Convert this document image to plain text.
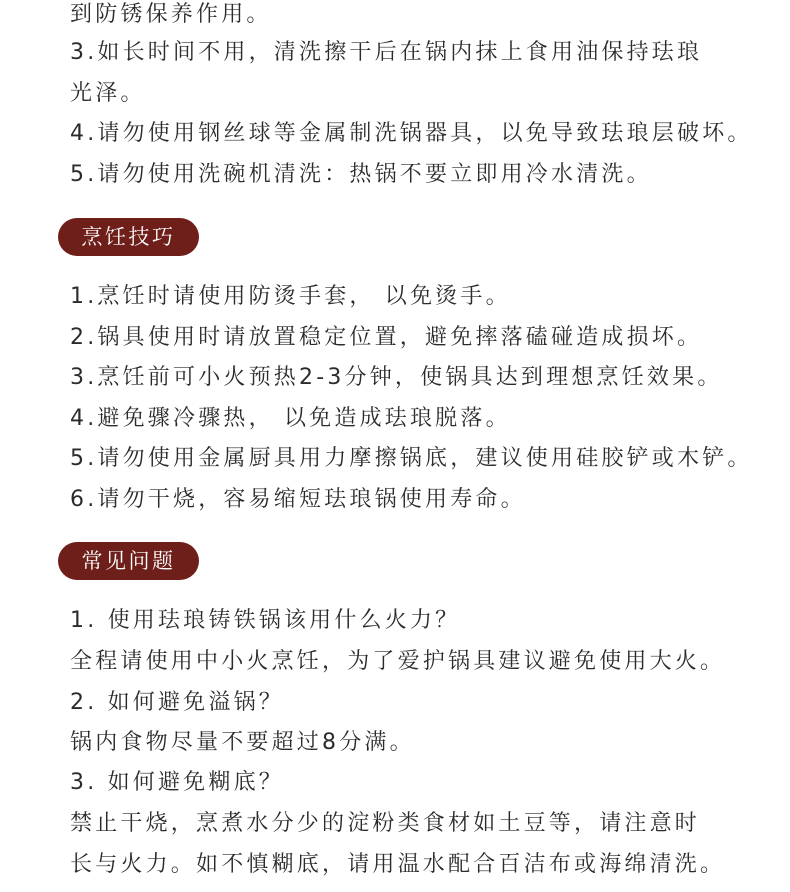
到防锈保养作用。
3.如长时间不用，清洗擦干后在锅内抹上食用油保持珐琅
光泽。
4.请勿使用钢丝球等金属制洗锅器具，以免导致珐琅层破坏。
5.请勿使用洗碗机清洗：热锅不要立即用冷水清洗。
烹饪技巧
1.烹饪时请使用防烫手套， 以免烫手。
2.锅具使用时请放置稳定位置，避免摔落磕碰造成损坏。
3.烹饪前可小火预热2-3分钟，使锅具达到理想烹饪效果。
4.避免骤冷骤热， 以免造成珐琅脱落。
5.请勿使用金属厨具用力摩擦锅底，建议使用硅胶铲或木铲。
6.请勿干烧，容易缩短珐琅锅使用寿命。
常见问题
1. 使用珐琅铸铁锅该用什么火力？
全程请使用中小火烹饪，为了爱护锅具建议避免使用大火。
2. 如何避免溢锅？
锅内食物尽量不要超过8分满。
3. 如何避免糊底？
禁止干烧，烹煮水分少的淀粉类食材如土豆等，请注意时
长与火力。如不慎糊底，请用温水配合百洁布或海绵清洗。
